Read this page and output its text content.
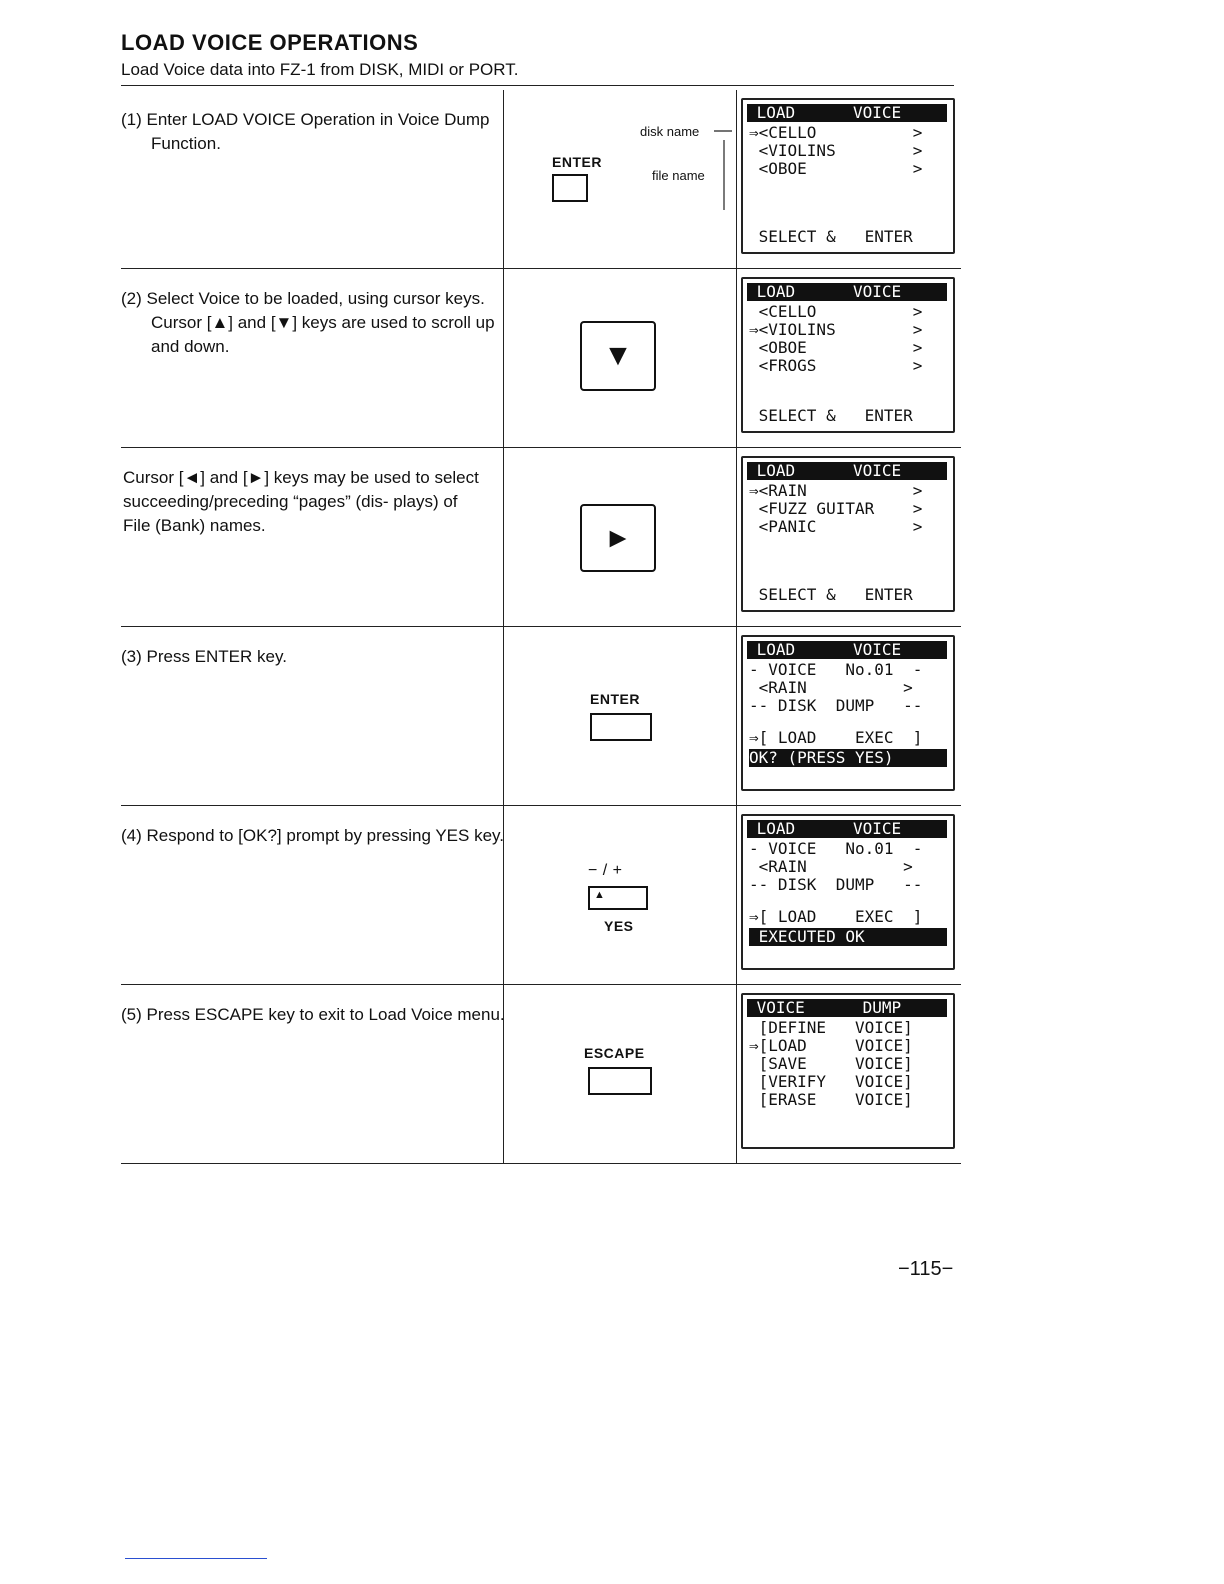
LOAD VOICE OPERATIONS
Load Voice data into FZ-1 from DISK, MIDI or PORT.
(1) Enter LOAD VOICE Operation in Voice Dump Function.
ENTER
disk name
file name
LOAD      VOICE
⇒<CELLO          >
<VIOLINS        >
<OBOE           >
SELECT &   ENTER
(2) Select Voice to be loaded, using cursor keys. Cursor [▲] and [▼] keys are used to scroll up and down.	▼
LOAD      VOICE
<CELLO          >
⇒<VIOLINS        >
<OBOE           >
<FROGS          >
SELECT &   ENTER
Cursor [◄] and [►] keys may be used to select succeeding/preceding “pages” (dis- plays) of File (Bank) names.	►
LOAD      VOICE
⇒<RAIN           >
<FUZZ GUITAR    >
<PANIC          >
SELECT &   ENTER
(3) Press ENTER key.
ENTER
LOAD      VOICE
- VOICE   No.01  -
<RAIN          >
-- DISK  DUMP   --
⇒[ LOAD    EXEC  ]
OK? (PRESS YES)
(4) Respond to [OK?] prompt by pressing YES key.
− / +
▲
YES
LOAD      VOICE
- VOICE   No.01  -
<RAIN          >
-- DISK  DUMP   --
⇒[ LOAD    EXEC  ]
EXECUTED OK
(5) Press ESCAPE key to exit to Load Voice menu.
ESCAPE
VOICE      DUMP
[DEFINE   VOICE]
⇒[LOAD     VOICE]
[SAVE     VOICE]
[VERIFY   VOICE]
[ERASE    VOICE]
−115−
